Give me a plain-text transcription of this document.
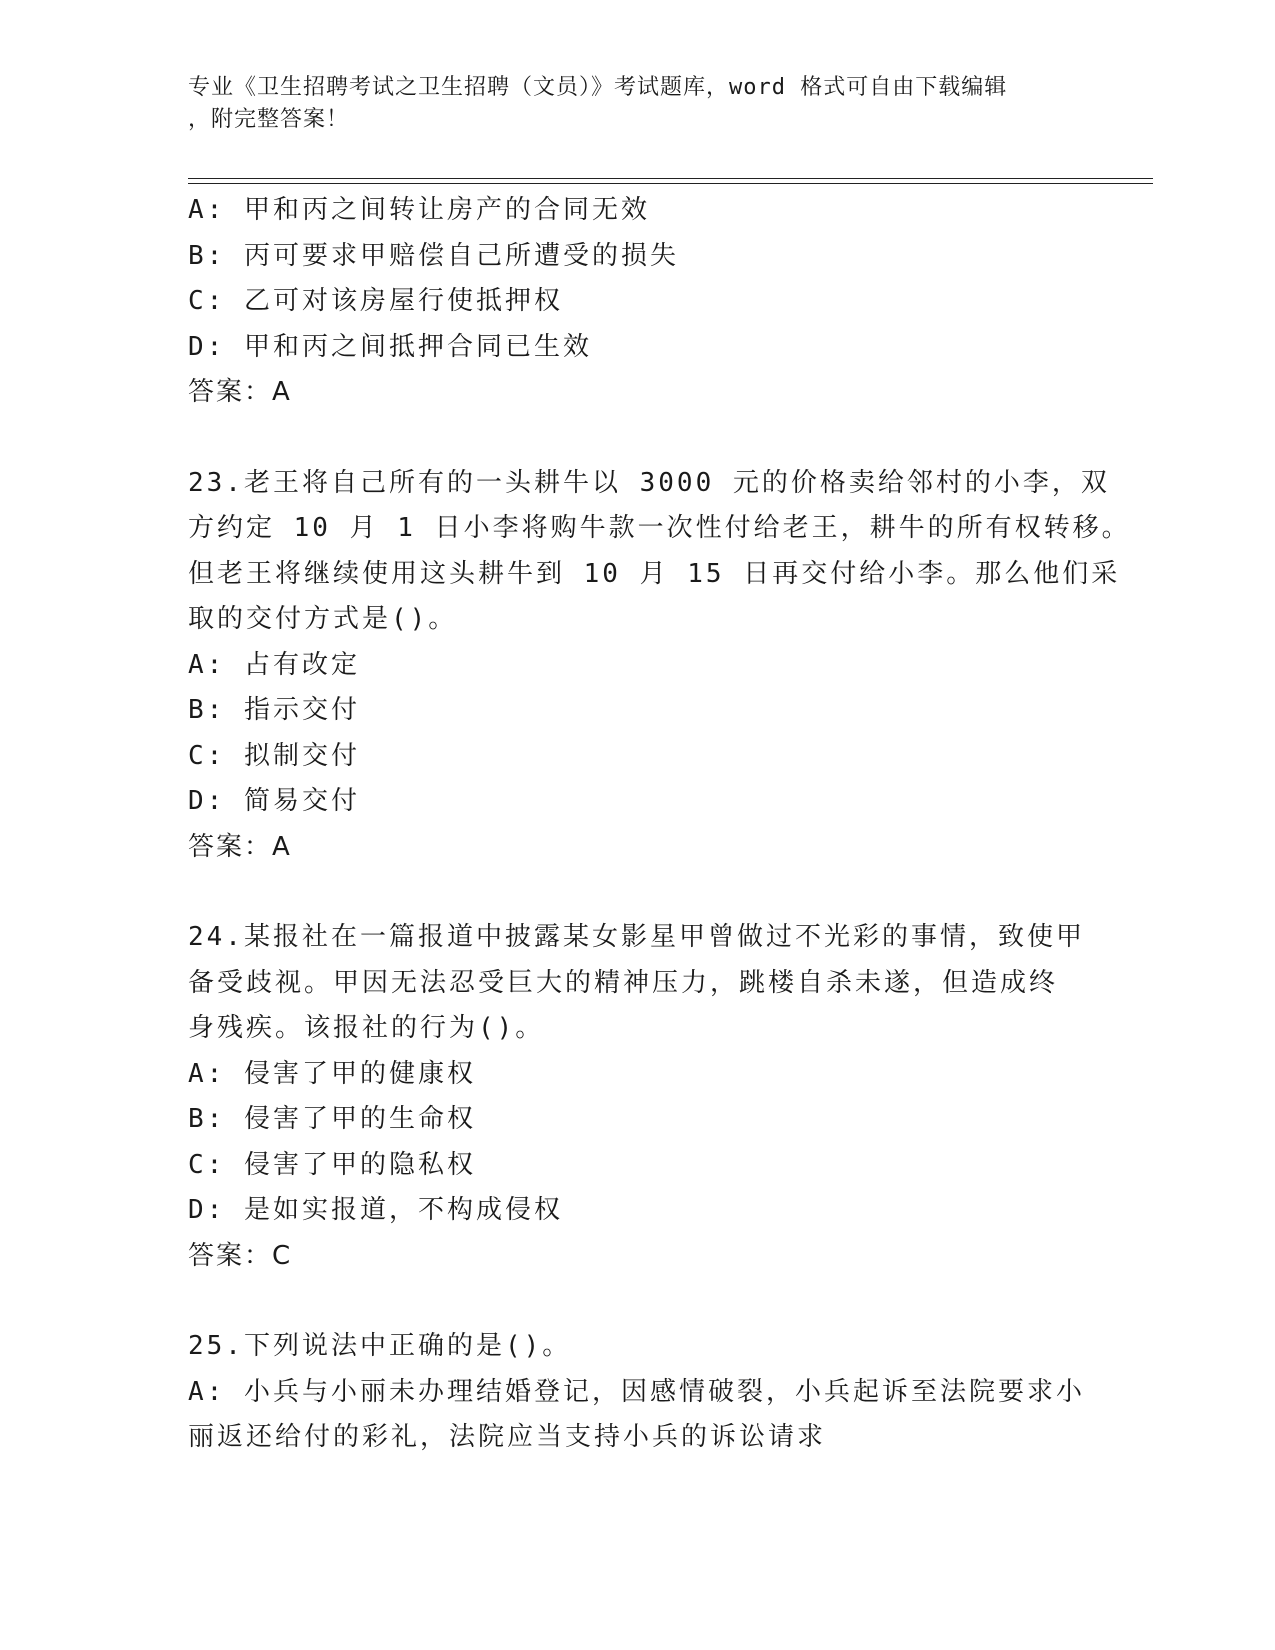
专业《卫生招聘考试之卫生招聘（文员）》考试题库，word 格式可自由下载编辑
，附完整答案！
A: 甲和丙之间转让房产的合同无效
B: 丙可要求甲赔偿自己所遭受的损失
C: 乙可对该房屋行使抵押权
D: 甲和丙之间抵押合同已生效
答案：A
23.老王将自己所有的一头耕牛以 3000 元的价格卖给邻村的小李，双
方约定 10 月 1 日小李将购牛款一次性付给老王，耕牛的所有权转移。
但老王将继续使用这头耕牛到 10 月 15 日再交付给小李。那么他们采
取的交付方式是()。
A: 占有改定
B: 指示交付
C: 拟制交付
D: 简易交付
答案：A
24.某报社在一篇报道中披露某女影星甲曾做过不光彩的事情，致使甲
备受歧视。甲因无法忍受巨大的精神压力，跳楼自杀未遂，但造成终
身残疾。该报社的行为()。
A: 侵害了甲的健康权
B: 侵害了甲的生命权
C: 侵害了甲的隐私权
D: 是如实报道，不构成侵权
答案：C
25.下列说法中正确的是()。
A: 小兵与小丽未办理结婚登记，因感情破裂，小兵起诉至法院要求小
丽返还给付的彩礼，法院应当支持小兵的诉讼请求
